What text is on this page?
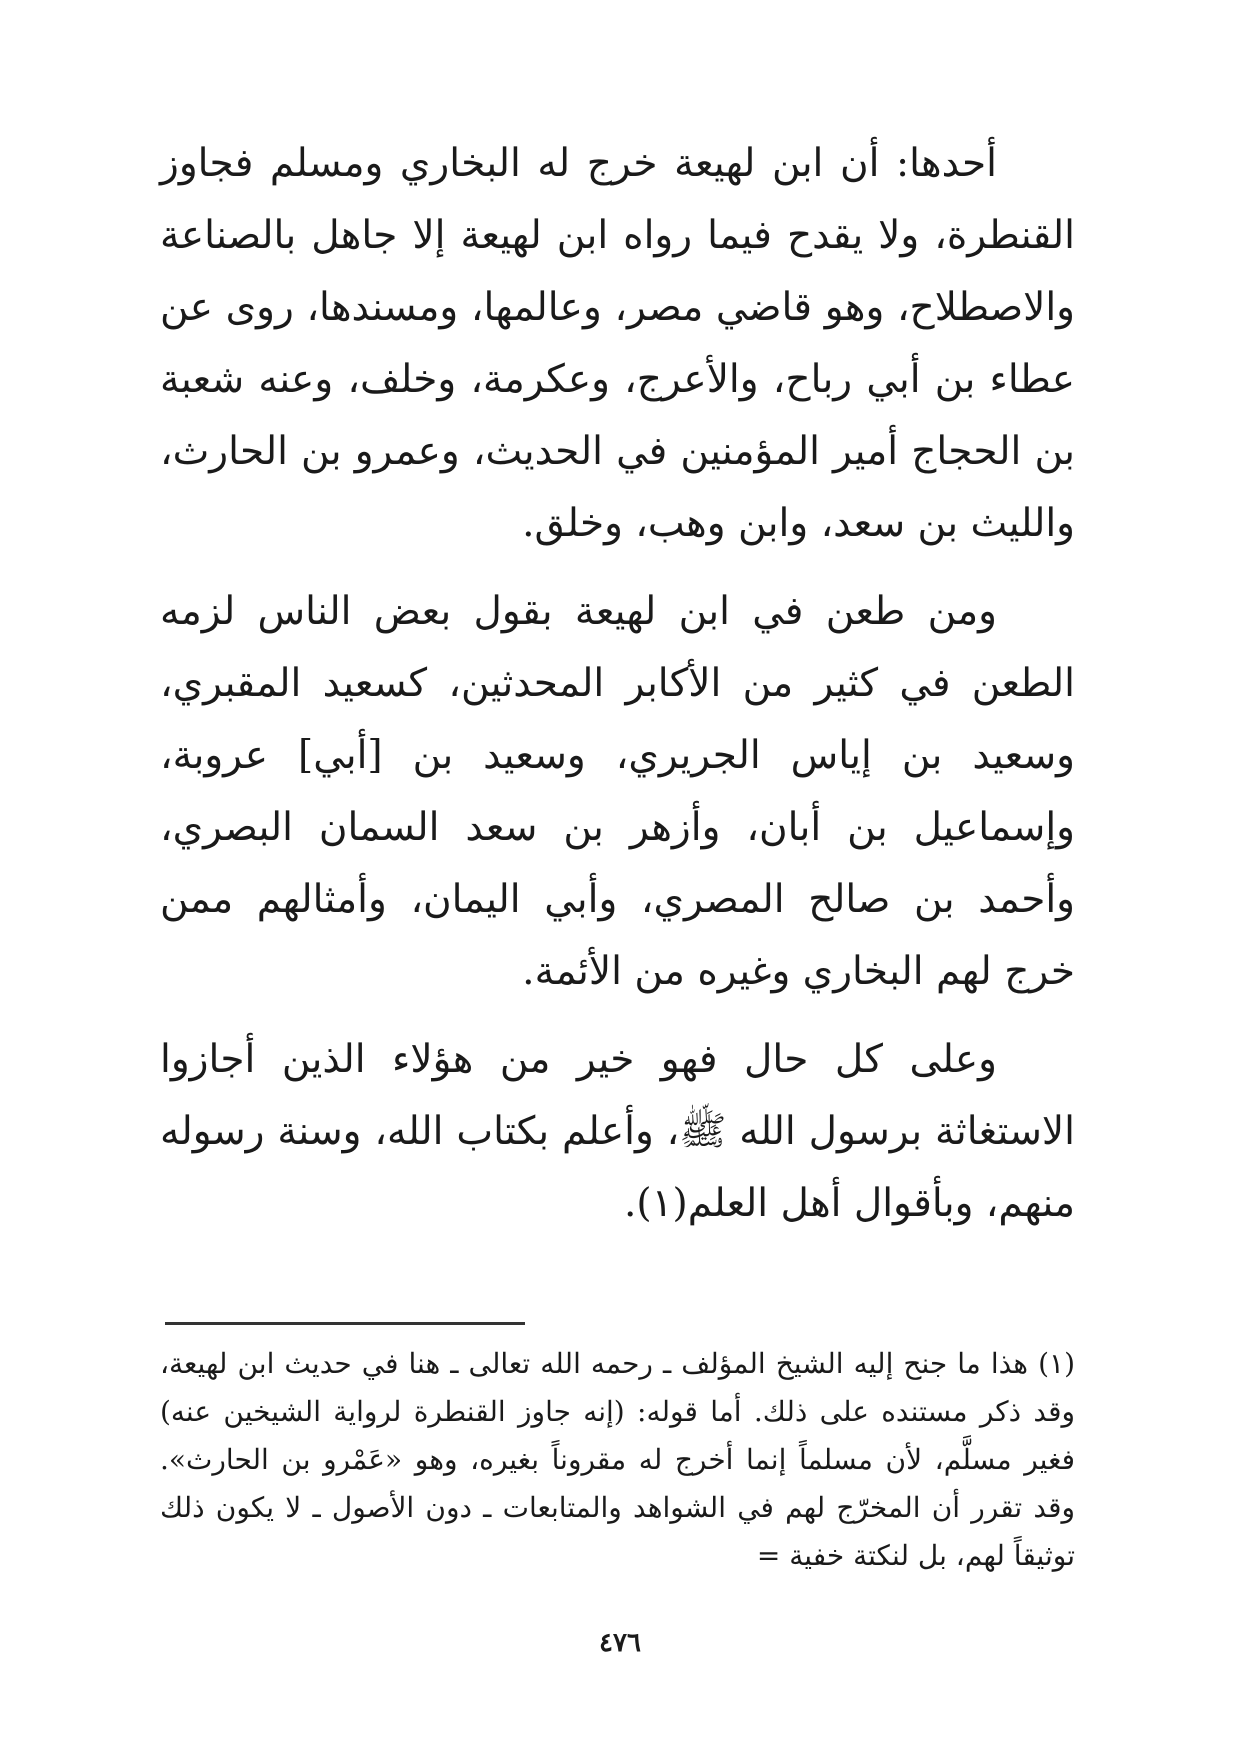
أحدها: أن ابن لهيعة خرج له البخاري ومسلم فجاوز القنطرة، ولا يقدح فيما رواه ابن لهيعة إلا جاهل بالصناعة والاصطلاح، وهو قاضي مصر، وعالمها، ومسندها، روى عن عطاء بن أبي رباح، والأعرج، وعكرمة، وخلف، وعنه شعبة بن الحجاج أمير المؤمنين في الحديث، وعمرو بن الحارث، والليث بن سعد، وابن وهب، وخلق.

ومن طعن في ابن لهيعة بقول بعض الناس لزمه الطعن في كثير من الأكابر المحدثين، كسعيد المقبري، وسعيد بن إياس الجريري، وسعيد بن [أبي] عروبة، وإسماعيل بن أبان، وأزهر بن سعد السمان البصري، وأحمد بن صالح المصري، وأبي اليمان، وأمثالهم ممن خرج لهم البخاري وغيره من الأئمة.

وعلى كل حال فهو خير من هؤلاء الذين أجازوا الاستغاثة برسول الله ﷺ، وأعلم بكتاب الله، وسنة رسوله منهم، وبأقوال أهل العلم(١).

(١)هذا ما جنح إليه الشيخ المؤلف ـ رحمه الله تعالى ـ هنا في حديث ابن لهيعة، وقد ذكر مستنده على ذلك. أما قوله: (إنه جاوز القنطرة لرواية الشيخين عنه) فغير مسلَّم، لأن مسلماً إنما أخرج له مقروناً بغيره، وهو «عَمْرو بن الحارث». وقد تقرر أن المخرّج لهم في الشواهد والمتابعات ـ دون الأصول ـ لا يكون ذلك توثيقاً لهم، بل لنكتة خفية =
٤٧٦
